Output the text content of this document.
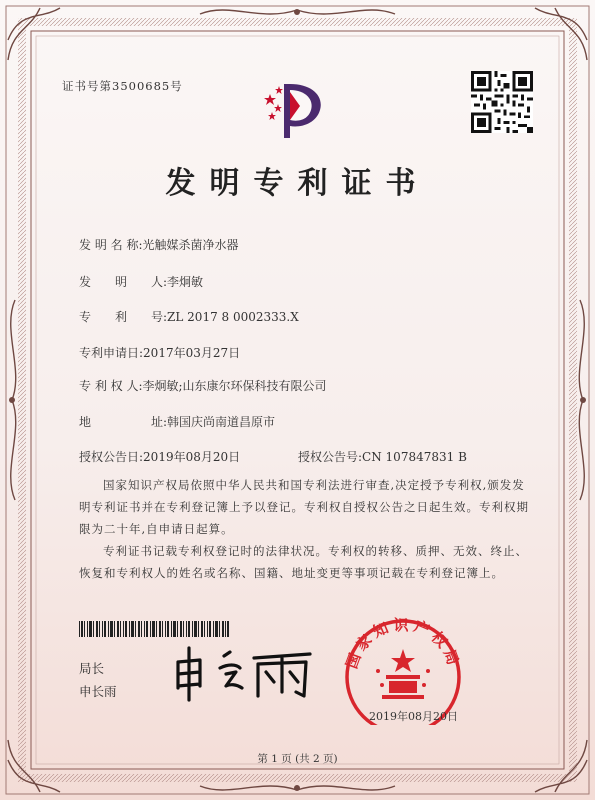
证书号第3500685号
发明专利证书
发 明 名 称:光触媒杀菌净水器
发　　明　　人:李炯敏
专　　利　　号:ZL 2017 8 0002333.X
专利申请日:2017年03月27日
专 利 权 人:李炯敏;山东康尔环保科技有限公司
地　　　　　址:韩国庆尚南道昌原市
授权公告日:2019年08月20日	授权公告号:CN 107847831 B
国家知识产权局依照中华人民共和国专利法进行审查,决定授予专利权,颁发发明专利证书并在专利登记簿上予以登记。专利权自授权公告之日起生效。专利权期限为二十年,自申请日起算。
专利证书记载专利权登记时的法律状况。专利权的转移、质押、无效、终止、恢复和专利权人的姓名或名称、国籍、地址变更等事项记载在专利登记簿上。
局长
申长雨
国家知识产权局
2019年08月20日
第 1 页 (共 2 页)
